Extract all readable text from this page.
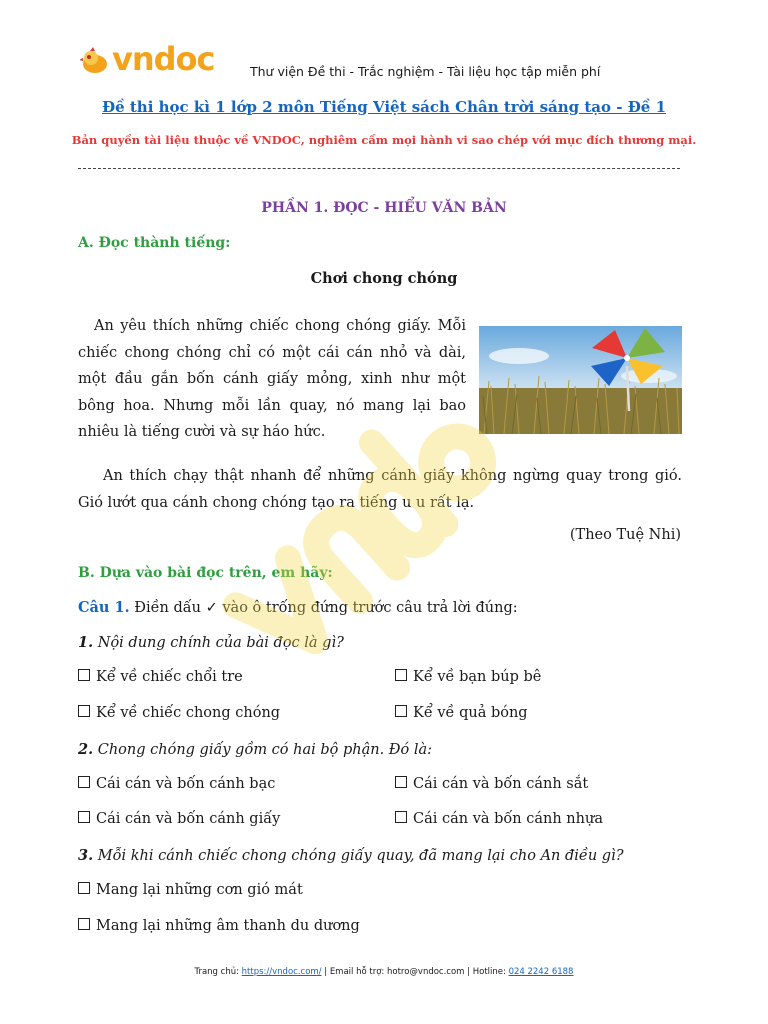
vndoc	Thư viện Đề thi - Trắc nghiệm - Tài liệu học tập miễn phí
Đề thi học kì 1 lớp 2 môn Tiếng Việt sách Chân trời sáng tạo - Đề 1
Bản quyền tài liệu thuộc về VNDOC, nghiêm cấm mọi hành vi sao chép với mục đích thương mại.
PHẦN 1. ĐỌC - HIỂU VĂN BẢN
A. Đọc thành tiếng:
Chơi chong chóng
An yêu thích những chiếc chong chóng giấy. Mỗi chiếc chong chóng chỉ có một cái cán nhỏ và dài, một đầu gắn bốn cánh giấy mỏng, xinh như một bông hoa. Nhưng mỗi lần quay, nó mang lại bao nhiêu là tiếng cười và sự háo hức.
An thích chạy thật nhanh để những cánh giấy không ngừng quay trong gió. Gió lướt qua cánh chong chóng tạo ra tiếng u u rất lạ.
(Theo Tuệ Nhi)
B. Dựa vào bài đọc trên, em hãy:
Câu 1. Điền dấu ✓ vào ô trống đứng trước câu trả lời đúng:
1. Nội dung chính của bài đọc là gì?
Kể về chiếc chổi tre	Kể về bạn búp bê
Kể về chiếc chong chóng	Kể về quả bóng
2. Chong chóng giấy gồm có hai bộ phận. Đó là:
Cái cán và bốn cánh bạc	Cái cán và bốn cánh sắt
Cái cán và bốn cánh giấy	Cái cán và bốn cánh nhựa
3. Mỗi khi cánh chiếc chong chóng giấy quay, đã mang lại cho An điều gì?
Mang lại những cơn gió mát
Mang lại những âm thanh du dương
Trang chủ: https://vndoc.com/ | Email hỗ trợ: hotro@vndoc.com | Hotline: 024 2242 6188
